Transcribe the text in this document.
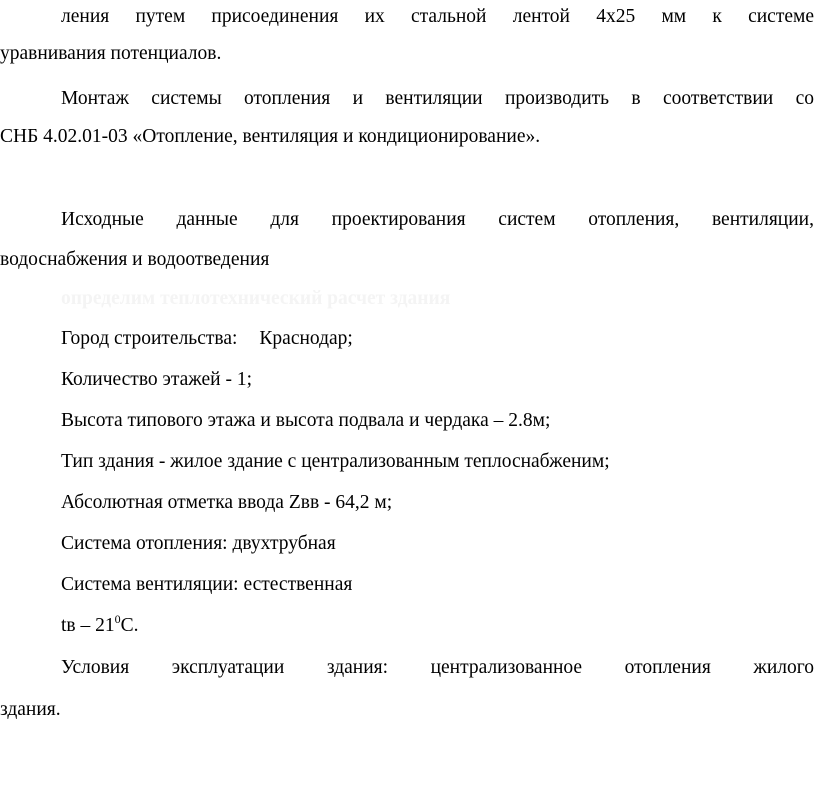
ления путем присоединения их стальной лентой 4х25 мм к системе
уравнивания потенциалов.
Монтаж системы отопления и вентиляции производить в соответствии со
СНБ 4.02.01-03 «Отопление, вентиляция и кондиционирование».
Исходные данные для проектирования систем отопления, вентиляции,
водоснабжения и водоотведения
определим теплотехнический расчет здания
Город строительства: Краснодар;
Количество этажей - 1;
Высота типового этажа и высота подвала и чердака – 2.8м;
Тип здания - жилое здание с централизованным теплоснабженим;
Абсолютная отметка ввода Zвв - 64,2 м;
Система отопления: двухтрубная
Система вентиляции: естественная
tв – $21^0С$.
Условия эксплуатации здания: централизованное отопления жилого
здания.
